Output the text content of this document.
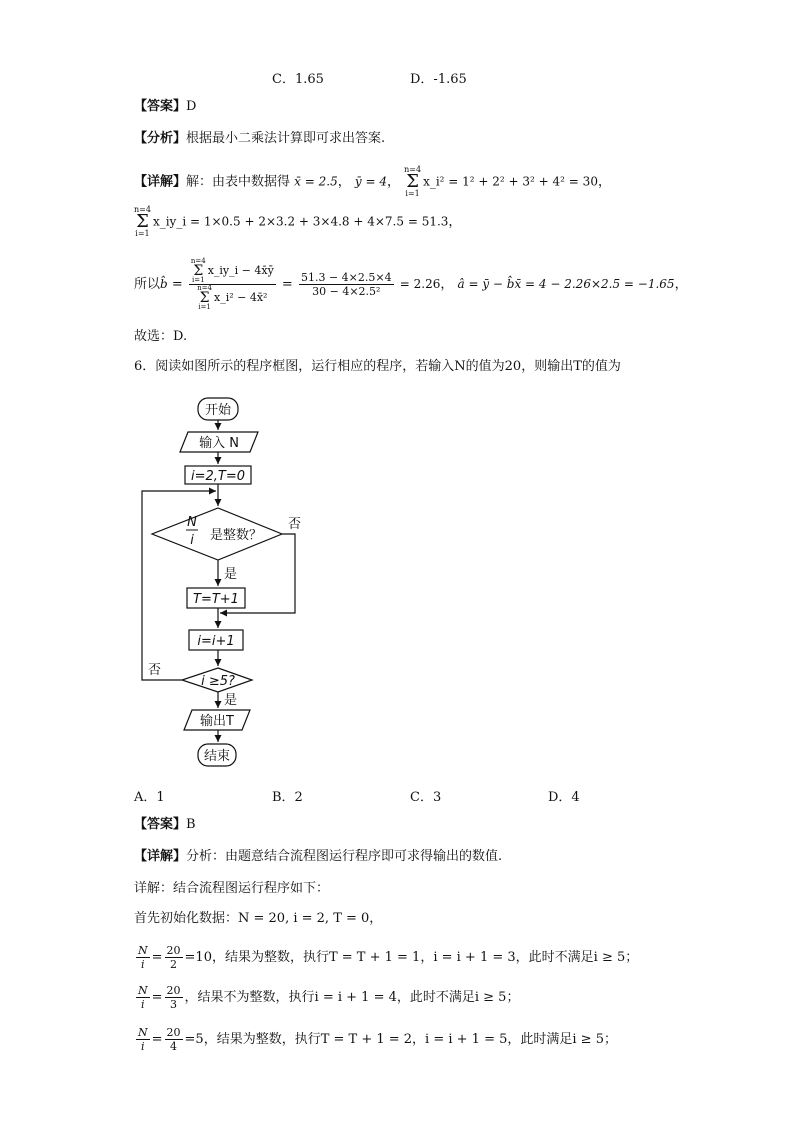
C．1.65	D．-1.65
【答案】D
【分析】根据最小二乘法计算即可求出答案.
【详解】解：由表中数据得 x̄ = 2.5， ȳ = 4， n=4
Σ
i=1x_i² = 1² + 2² + 3² + 4² = 30，
n=4
Σ
i=1x_iy_i = 1×0.5 + 2×3.2 + 3×4.8 + 4×7.5 = 51.3，
所以b̂ =
n=4
Σ
i=1x_iy_i − 4x̄ȳ
n=4
Σ
i=1x_i² − 4x̄²
= $\frac{51.3 - 4\times 2.5\times 4}{\text{30 − 4×2.5²}} = 2.26$， â = ȳ − b̂x̄ = 4 − 2.26×2.5 = −1.65，
故选：D.
6．阅读如图所示的程序框图，运行相应的程序，若输入N的值为20，则输出T的值为
开始
输入 N
i=2,T=0
N
i 是整数？
否
是
T=T+1
i=i+1
i ≥5?
否
是
输出T
结束
A．1	B．2	C．3	D．4
【答案】B
【详解】分析：由题意结合流程图运行程序即可求得输出的数值.
详解：结合流程图运行程序如下：
首先初始化数据：N = 20, i = 2, T = 0，
$\frac{N}{i} = \frac{20}{2} =10$，结果为整数，执行T = T + 1 = 1，i = i + 1 = 3，此时不满足i ≥ 5；
$\frac{N}{i} = \frac{20}{3}$ ，结果不为整数，执行i = i + 1 = 4，此时不满足i ≥ 5；
$\frac{N}{i} = \frac{20}{4} =5$，结果为整数，执行T = T + 1 = 2，i = i + 1 = 5，此时满足i ≥ 5；
